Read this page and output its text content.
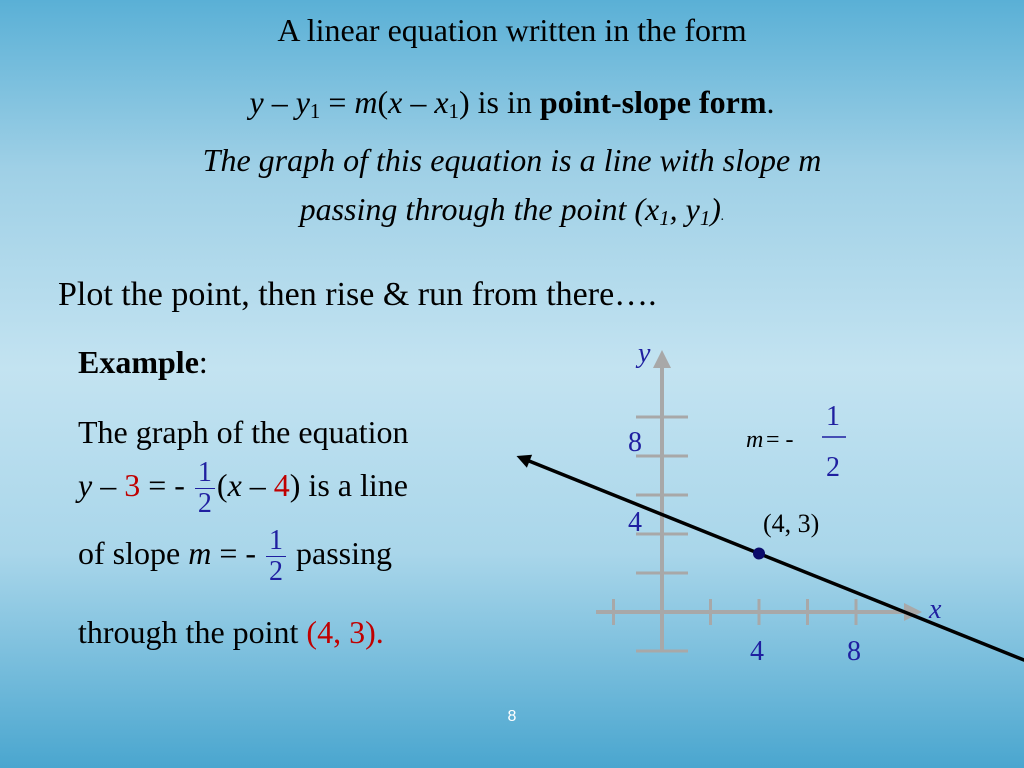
A linear equation written in the form
$y - y_1 = m(x - x_1)$ is in point-slope form.
The graph of this equation is a line with slope m
passing through the point ($x_1$, $y_1$).
Plot the point, then rise & run from there….
Example:
The graph of the equation
y – 3 = - $\frac{1}{2} (x - 4)$ is a line
of slope m = - $\frac{1}{2}$ passing
through the point (4, 3).
y
x
8
4
4	8
m = -
1
2
(4, 3)
8
